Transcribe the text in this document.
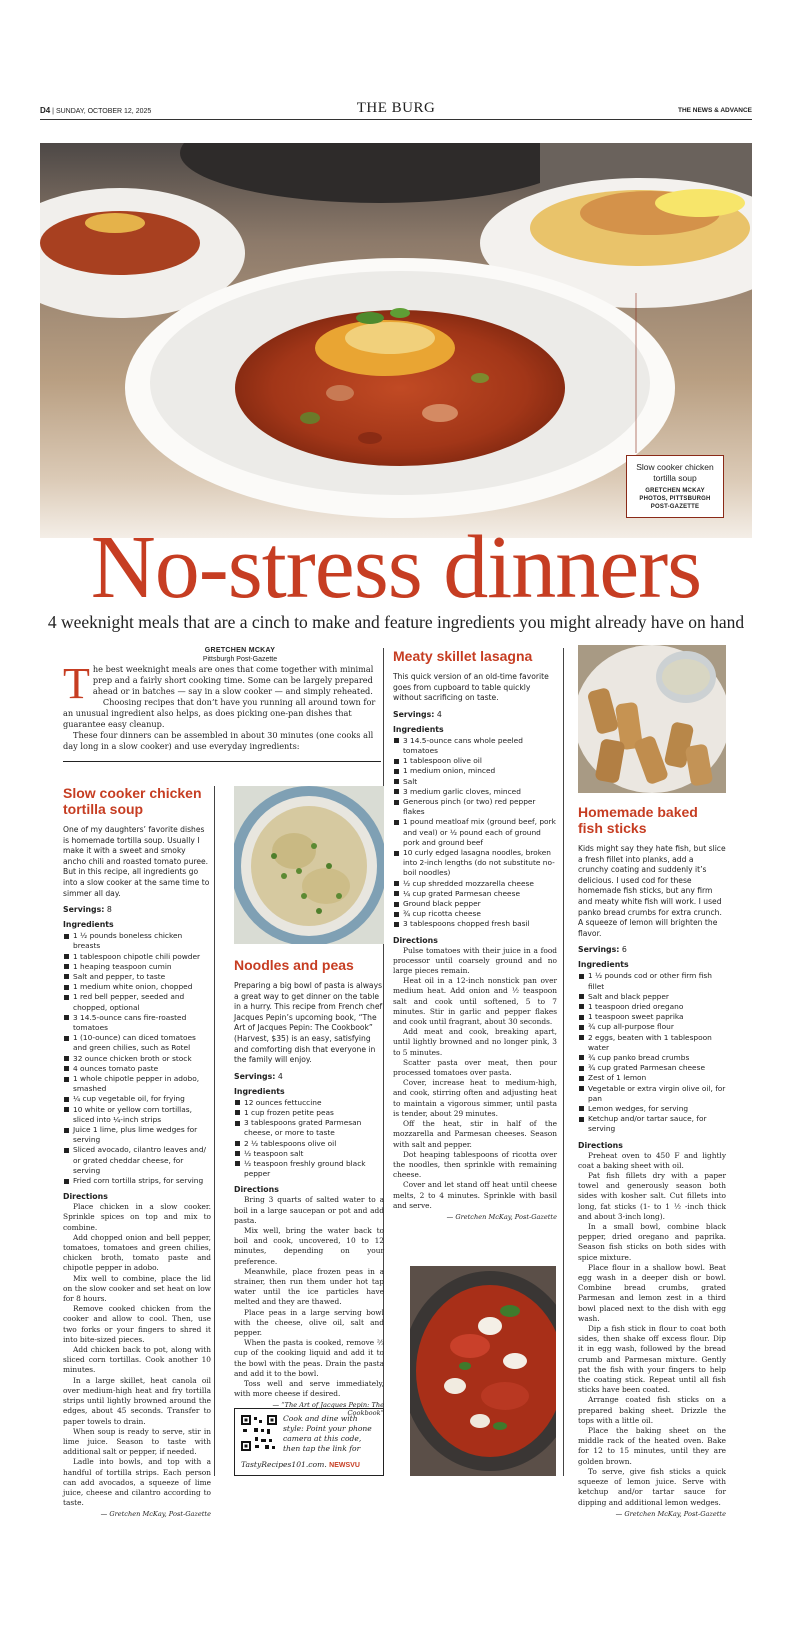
D4 | SUNDAY, OCTOBER 12, 2025	THE BURG	THE NEWS & ADVANCE
Slow cooker chicken tortilla soup
GRETCHEN MCKAY PHOTOS, PITTSBURGH POST-GAZETTE
No-stress dinners
4 weeknight meals that are a cinch to make and feature ingredients you might already have on hand
GRETCHEN MCKAY
Pittsburgh Post-Gazette

The best weeknight meals are ones that come together with minimal prep and a fairly short cooking time. Some can be largely prepared ahead or in batches — say in a slow cooker — and simply reheated.

Choosing recipes that don’t have you running all around town for an unusual ingredient also helps, as does picking one-pan dishes that guarantee easy cleanup.

These four dinners can be assembled in about 30 minutes (one cooks all day long in a slow cooker) and use everyday ingredients:

Slow cooker chicken tortilla soup
One of my daughters’ favorite dishes is homemade tortilla soup. Usually I make it with a sweet and smoky ancho chili and roasted tomato puree. But in this recipe, all ingredients go into a slow cooker at the same time to simmer all day.
Servings: 8
Ingredients
1 ½ pounds boneless chicken breasts
1 tablespoon chipotle chili powder
1 heaping teaspoon cumin
Salt and pepper, to taste
1 medium white onion, chopped
1 red bell pepper, seeded and chopped, optional
3 14.5-ounce cans fire-roasted tomatoes
1 (10-ounce) can diced tomatoes and green chilies, such as Rotel
32 ounce chicken broth or stock
4 ounces tomato paste
1 whole chipotle pepper in adobo, smashed
¼ cup vegetable oil, for frying
10 white or yellow corn tortillas, sliced into ¼-inch strips
Juice 1 lime, plus lime wedges for serving
Sliced avocado, cilantro leaves and/ or grated cheddar cheese, for serving
Fried corn tortilla strips, for serving
Directions

Place chicken in a slow cooker. Sprinkle spices on top and mix to combine.

Add chopped onion and bell pepper, tomatoes, tomatoes and green chilies, chicken broth, tomato paste and chipotle pepper in adobo.

Mix well to combine, place the lid on the slow cooker and set heat on low for 8 hours.

Remove cooked chicken from the cooker and allow to cool. Then, use two forks or your fingers to shred it into bite-sized pieces.

Add chicken back to pot, along with sliced corn tortillas. Cook another 10 minutes.

In a large skillet, heat canola oil over medium-high heat and fry tortilla strips until lightly browned around the edges, about 45 seconds. Transfer to paper towels to drain.

When soup is ready to serve, stir in lime juice. Season to taste with additional salt or pepper, if needed.

Ladle into bowls, and top with a handful of tortilla strips. Each person can add avocados, a squeeze of lime juice, cheese and cilantro according to taste.

— Gretchen McKay, Post-Gazette
Noodles and peas
Preparing a big bowl of pasta is always a great way to get dinner on the table in a hurry. This recipe from French chef Jacques Pepin’s upcoming book, “The Art of Jacques Pepin: The Cookbook” (Harvest, $35) is an easy, satisfying and comforting dish that everyone in the family will enjoy.
Servings: 4
Ingredients
12 ounces fettuccine
1 cup frozen petite peas
3 tablespoons grated Parmesan cheese, or more to taste
2 ½ tablespoons olive oil
½ teaspoon salt
½ teaspoon freshly ground black pepper
Directions

Bring 3 quarts of salted water to a boil in a large saucepan or pot and add pasta.

Mix well, bring the water back to boil and cook, uncovered, 10 to 12 minutes, depending on your preference.

Meanwhile, place frozen peas in a strainer, then run them under hot tap water until the ice particles have melted and they are thawed.

Place peas in a large serving bowl with the cheese, olive oil, salt and pepper.

When the pasta is cooked, remove ⅔ cup of the cooking liquid and add it to the bowl with the peas. Drain the pasta and add it to the bowl.

Toss well and serve immediately, with more cheese if desired.

— “The Art of Jacques Pepin: The Cookbook”
Cook and dine with style: Point your phone camera at this code, then tap the link for
TastyRecipes101.com. NEWSVU
Meaty skillet lasagna
This quick version of an old-time favorite goes from cupboard to table quickly without sacrificing on taste.
Servings: 4
Ingredients
3 14.5-ounce cans whole peeled tomatoes
1 tablespoon olive oil
1 medium onion, minced
Salt
3 medium garlic cloves, minced
Generous pinch (or two) red pepper flakes
1 pound meatloaf mix (ground beef, pork and veal) or ½ pound each of ground pork and ground beef
10 curly edged lasagna noodles, broken into 2-inch lengths (do not substitute no-boil noodles)
½ cup shredded mozzarella cheese
¼ cup grated Parmesan cheese
Ground black pepper
¾ cup ricotta cheese
3 tablespoons chopped fresh basil
Directions

Pulse tomatoes with their juice in a food processor until coarsely ground and no large pieces remain.

Heat oil in a 12-inch nonstick pan over medium heat. Add onion and ½ teaspoon salt and cook until softened, 5 to 7 minutes. Stir in garlic and pepper flakes and cook until fragrant, about 30 seconds.

Add meat and cook, breaking apart, until lightly browned and no longer pink, 3 to 5 minutes.

Scatter pasta over meat, then pour processed tomatoes over pasta.

Cover, increase heat to medium-high, and cook, stirring often and adjusting heat to maintain a vigorous simmer, until pasta is tender, about 29 minutes.

Off the heat, stir in half of the mozzarella and Parmesan cheeses. Season with salt and pepper.

Dot heaping tablespoons of ricotta over the noodles, then sprinkle with remaining cheese.

Cover and let stand off heat until cheese melts, 2 to 4 minutes. Sprinkle with basil and serve.

— Gretchen McKay, Post-Gazette
Homemade baked fish sticks
Kids might say they hate fish, but slice a fresh fillet into planks, add a crunchy coating and suddenly it’s delicious. I used cod for these homemade fish sticks, but any firm and meaty white fish will work. I used panko bread crumbs for extra crunch. A squeeze of lemon will brighten the flavor.
Servings: 6
Ingredients
1 ½ pounds cod or other firm fish fillet
Salt and black pepper
1 teaspoon dried oregano
1 teaspoon sweet paprika
¾ cup all-purpose flour
2 eggs, beaten with 1 tablespoon water
¾ cup panko bread crumbs
¾ cup grated Parmesan cheese
Zest of 1 lemon
Vegetable or extra virgin olive oil, for pan
Lemon wedges, for serving
Ketchup and/or tartar sauce, for serving
Directions

Preheat oven to 450 F and lightly coat a baking sheet with oil.

Pat fish fillets dry with a paper towel and generously season both sides with kosher salt. Cut fillets into long, fat sticks (1- to 1 ½ -inch thick and about 3-inch long).

In a small bowl, combine black pepper, dried oregano and paprika. Season fish sticks on both sides with spice mixture.

Place flour in a shallow bowl. Beat egg wash in a deeper dish or bowl. Combine bread crumbs, grated Parmesan and lemon zest in a third bowl placed next to the dish with egg wash.

Dip a fish stick in flour to coat both sides, then shake off excess flour. Dip it in egg wash, followed by the bread crumb and Parmesan mixture. Gently pat the fish with your fingers to help the coating stick. Repeat until all fish sticks have been coated.

Arrange coated fish sticks on a prepared baking sheet. Drizzle the tops with a little oil.

Place the baking sheet on the middle rack of the heated oven. Bake for 12 to 15 minutes, until they are golden brown.

To serve, give fish sticks a quick squeeze of lemon juice. Serve with ketchup and/or tartar sauce for dipping and additional lemon wedges.

— Gretchen McKay, Post-Gazette
